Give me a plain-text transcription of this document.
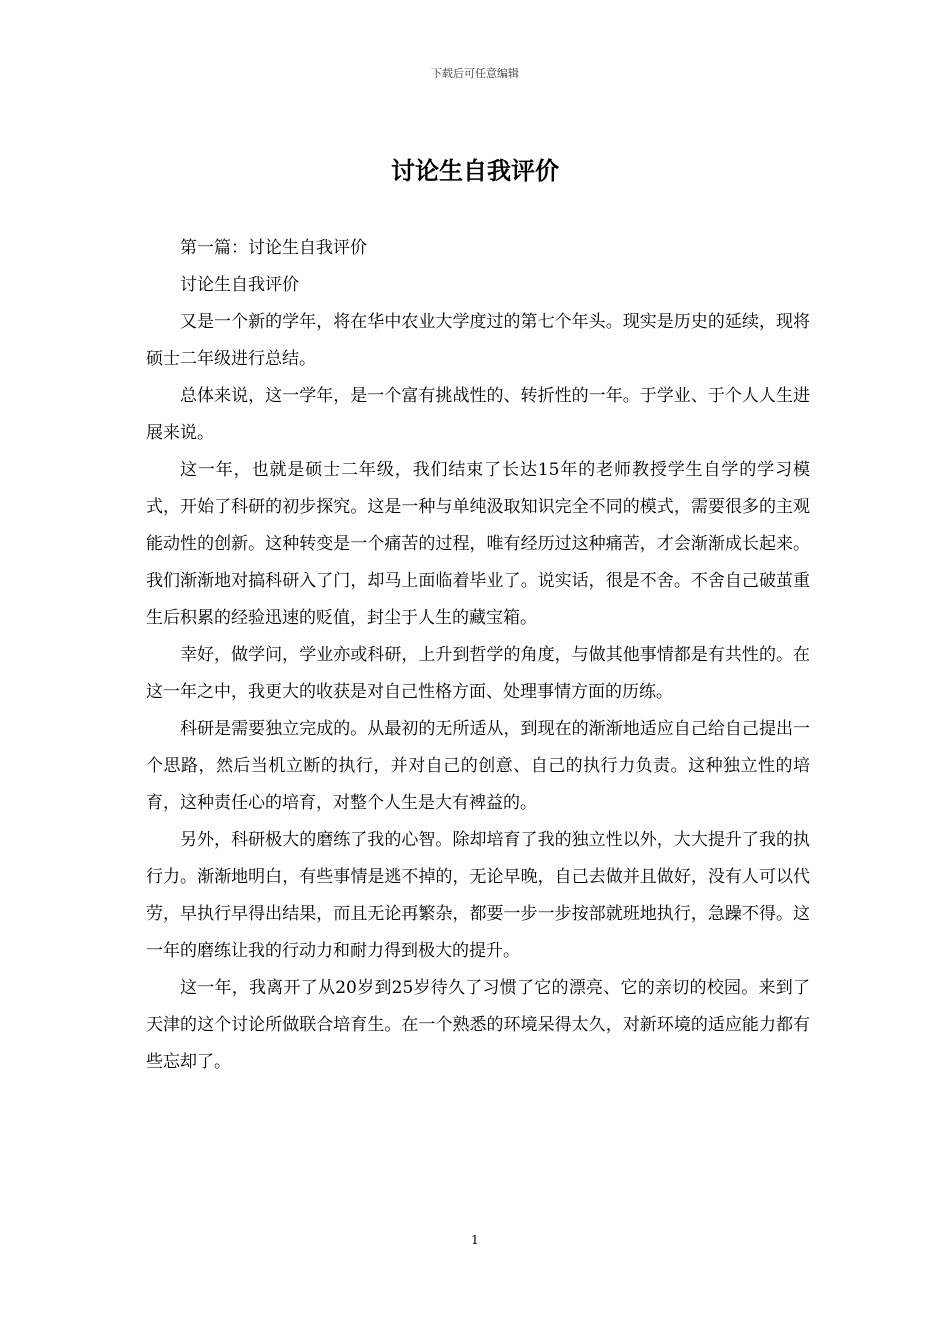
下载后可任意编辑
讨论生自我评价

第一篇：讨论生自我评价

讨论生自我评价

又是一个新的学年，将在华中农业大学度过的第七个年头。现实是历史的延续，现将硕士二年级进行总结。

总体来说，这一学年，是一个富有挑战性的、转折性的一年。于学业、于个人人生进展来说。

这一年，也就是硕士二年级，我们结束了长达15年的老师教授学生自学的学习模式，开始了科研的初步探究。这是一种与单纯汲取知识完全不同的模式，需要很多的主观能动性的创新。这种转变是一个痛苦的过程，唯有经历过这种痛苦，才会渐渐成长起来。我们渐渐地对搞科研入了门，却马上面临着毕业了。说实话，很是不舍。不舍自己破茧重生后积累的经验迅速的贬值，封尘于人生的藏宝箱。

幸好，做学问，学业亦或科研，上升到哲学的角度，与做其他事情都是有共性的。在这一年之中，我更大的收获是对自己性格方面、处理事情方面的历练。

科研是需要独立完成的。从最初的无所适从，到现在的渐渐地适应自己给自己提出一个思路，然后当机立断的执行，并对自己的创意、自己的执行力负责。这种独立性的培育，这种责任心的培育，对整个人生是大有裨益的。

另外，科研极大的磨练了我的心智。除却培育了我的独立性以外，大大提升了我的执行力。渐渐地明白，有些事情是逃不掉的，无论早晚，自己去做并且做好，没有人可以代劳，早执行早得出结果，而且无论再繁杂，都要一步一步按部就班地执行，急躁不得。这一年的磨练让我的行动力和耐力得到极大的提升。

这一年，我离开了从20岁到25岁待久了习惯了它的漂亮、它的亲切的校园。来到了天津的这个讨论所做联合培育生。在一个熟悉的环境呆得太久，对新环境的适应能力都有些忘却了。

1
